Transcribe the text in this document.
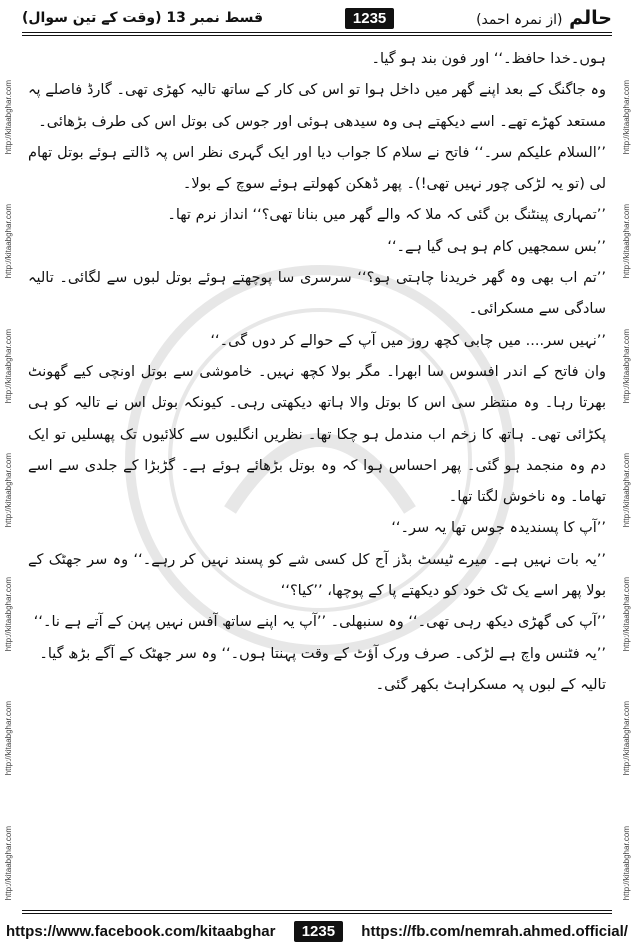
http://kitaabghar.com
http://kitaabghar.com
http://kitaabghar.com
http://kitaabghar.com
http://kitaabghar.com
http://kitaabghar.com
http://kitaabghar.com
http://kitaabghar.com
http://kitaabghar.com
http://kitaabghar.com
http://kitaabghar.com
http://kitaabghar.com
http://kitaabghar.com
http://kitaabghar.com
قسط نمبر 13 (وقت کے تین سوال)	1235	حالم (از نمرہ احمد)

ہوں۔خدا حافظ۔‘‘ اور فون بند ہو گیا۔

وہ جاگنگ کے بعد اپنے گھر میں داخل ہوا تو اس کی کار کے ساتھ تالیہ کھڑی تھی۔ گارڈ فاصلے پہ مستعد کھڑے تھے۔ اسے دیکھتے ہی وہ سیدھی ہوئی اور جوس کی بوتل اس کی طرف بڑھائی۔

’’السلام علیکم سر۔‘‘ فاتح نے سلام کا جواب دیا اور ایک گہری نظر اس پہ ڈالتے ہوئے بوتل تھام لی (تو یہ لڑکی چور نہیں تھی!)۔ پھر ڈھکن کھولتے ہوئے سوچ کے بولا۔

’’تمہاری پینٹنگ بن گئی کہ ملا کہ والے گھر میں بنانا تھی؟‘‘ انداز نرم تھا۔

’’بس سمجھیں کام ہو ہی گیا ہے۔‘‘

’’تم اب بھی وہ گھر خریدنا چاہتی ہو؟‘‘ سرسری سا پوچھتے ہوئے بوتل لبوں سے لگائی۔ تالیہ سادگی سے مسکرائی۔

’’نہیں سر.... میں چابی کچھ روز میں آپ کے حوالے کر دوں گی۔‘‘

وان فاتح کے اندر افسوس سا ابھرا۔ مگر بولا کچھ نہیں۔ خاموشی سے بوتل اونچی کیے گھونٹ بھرتا رہا۔ وہ منتظر سی اس کا بوتل والا ہاتھ دیکھتی رہی۔ کیونکہ بوتل اس نے تالیہ کو ہی پکڑائی تھی۔ ہاتھ کا زخم اب مندمل ہو چکا تھا۔ نظریں انگلیوں سے کلائیوں تک پھسلیں تو ایک دم وہ منجمد ہو گئی۔ پھر احساس ہوا کہ وہ بوتل بڑھائے ہوئے ہے۔ گڑبڑا کے جلدی سے اسے تھاما۔ وہ ناخوش لگتا تھا۔

’’آپ کا پسندیدہ جوس تھا یہ سر۔‘‘

’’یہ بات نہیں ہے۔ میرے ٹیسٹ بڈز آج کل کسی شے کو پسند نہیں کر رہے۔‘‘ وہ سر جھٹک کے بولا پھر اسے یک ٹک خود کو دیکھتے پا کے پوچھا، ’’کیا؟‘‘

’’آپ کی گھڑی دیکھ رہی تھی۔‘‘ وہ سنبھلی۔ ’’آپ یہ اپنے ساتھ آفس نہیں پہن کے آتے ہے نا۔‘‘

’’یہ فٹنس واچ ہے لڑکی۔ صرف ورک آؤٹ کے وقت پہنتا ہوں۔‘‘ وہ سر جھٹک کے آگے بڑھ گیا۔

تالیہ کے لبوں پہ مسکراہٹ بکھر گئی۔

https://www.facebook.com/kitaabghar	1235	https://fb.com/nemrah.ahmed.official/
